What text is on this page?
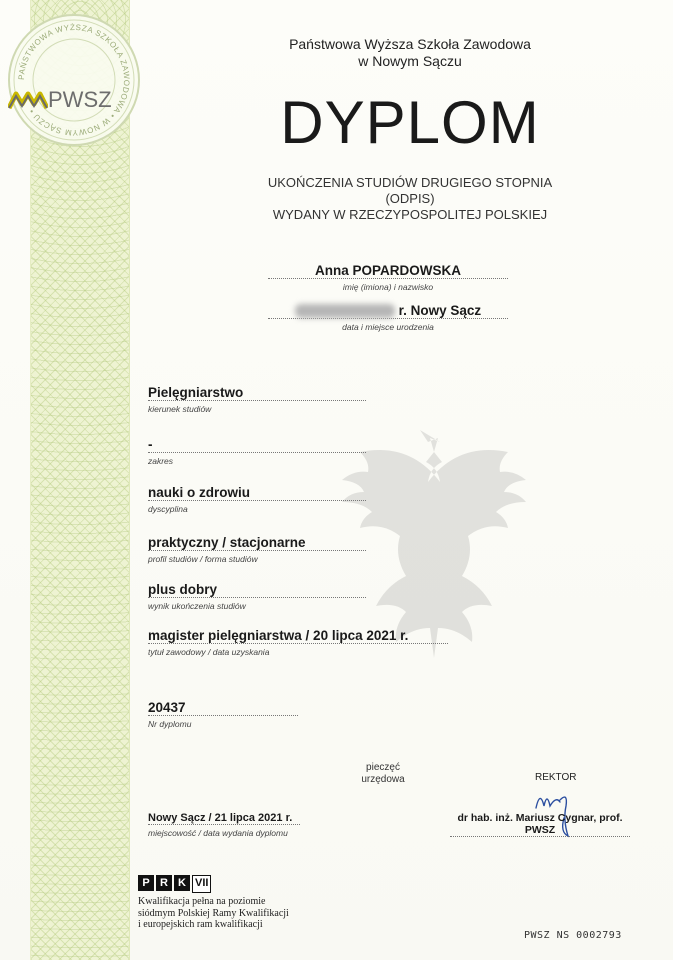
PAŃSTWOWA WYŻSZA SZKOŁA ZAWODOWA • W NOWYM SĄCZU • PWSZ
Państwowa Wyższa Szkoła Zawodowa
w Nowym Sączu
DYPLOM
UKOŃCZENIA STUDIÓW DRUGIEGO STOPNIA
(ODPIS)
WYDANY W RZECZYPOSPOLITEJ POLSKIEJ
Anna POPARDOWSKA
imię (imiona) i nazwisko
r. Nowy Sącz
data i miejsce urodzenia
Pielęgniarstwo
kierunek studiów
-
zakres
nauki o zdrowiu
dyscyplina
praktyczny / stacjonarne
profil studiów / forma studiów
plus dobry
wynik ukończenia studiów
magister pielęgniarstwa / 20 lipca 2021 r.
tytuł zawodowy / data uzyskania
20437
Nr dyplomu
pieczęć
urzędowa
Nowy Sącz / 21 lipca 2021 r.
miejscowość / data wydania dyplomu
REKTOR
dr hab. inż. Mariusz Cygnar, prof. PWSZ
P R K VII
Kwalifikacja pełna na poziomie
siódmym Polskiej Ramy Kwalifikacji
i europejskich ram kwalifikacji
PWSZ NS 0002793
